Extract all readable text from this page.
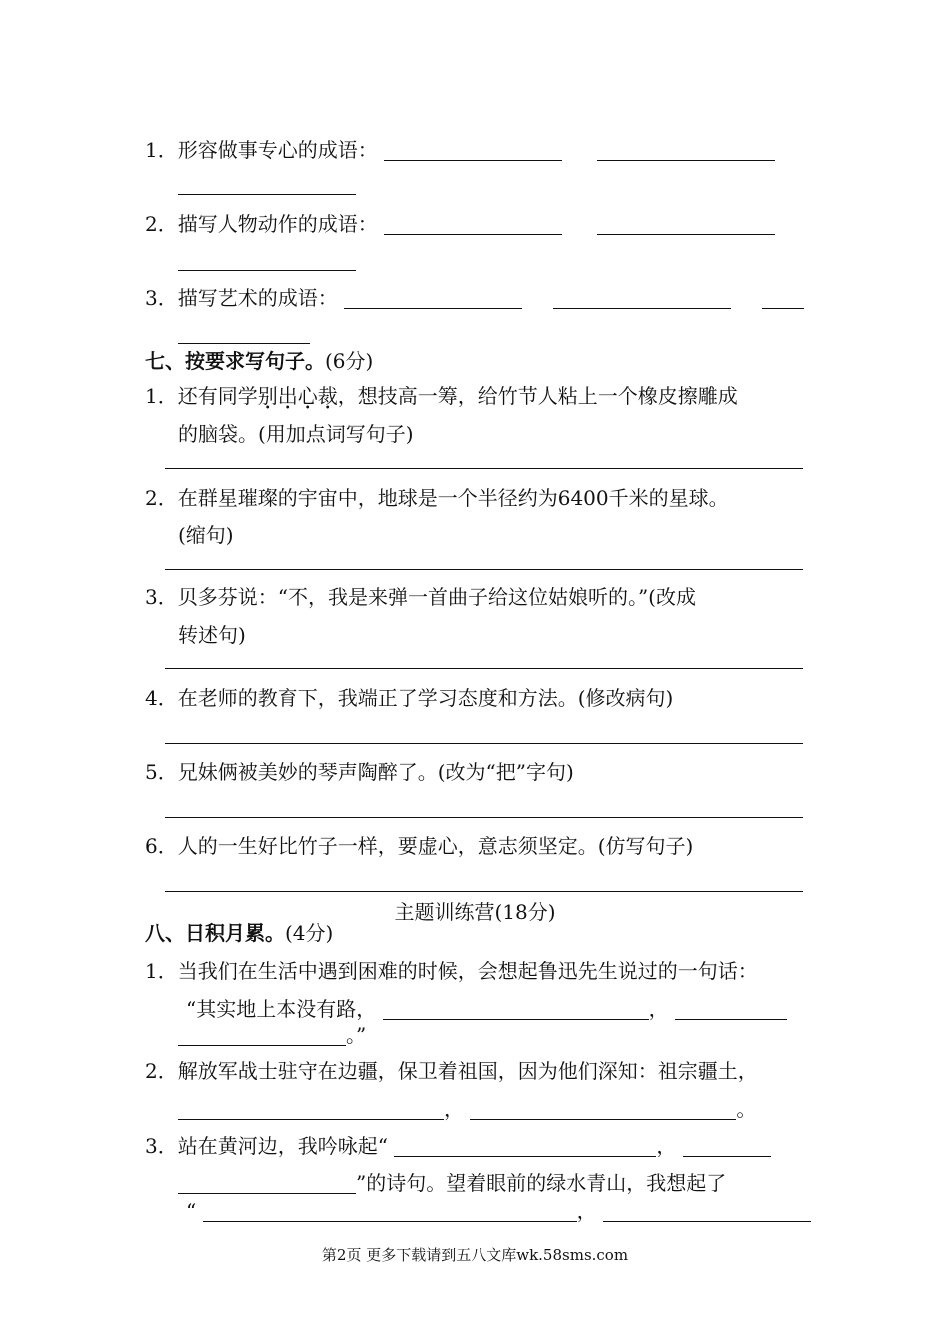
1．形容做事专心的成语：
2．描写人物动作的成语：
3．描写艺术的成语：
七、按要求写句子。(6分)
1．还有同学别出心裁，想技高一筹，给竹节人粘上一个橡皮擦雕成
的脑袋。(用加点词写句子)
2．在群星璀璨的宇宙中，地球是一个半径约为6400千米的星球。
(缩句)
3．贝多芬说：“不，我是来弹一首曲子给这位姑娘听的。”(改成
转述句)
4．在老师的教育下，我端正了学习态度和方法。(修改病句)
5．兄妹俩被美妙的琴声陶醉了。(改为“把”字句)
6．人的一生好比竹子一样，要虚心，意志须坚定。(仿写句子)
主题训练营(18分)
八、日积月累。(4分)
1．当我们在生活中遇到困难的时候，会想起鲁迅先生说过的一句话：
“其实地上本没有路，	，
。”
2．解放军战士驻守在边疆，保卫着祖国，因为他们深知：祖宗疆土，
，	。
3．站在黄河边，我吟咏起“	，
”的诗句。望着眼前的绿水青山，我想起了
“	，
第2页 更多下载请到五八文库wk.58sms.com
